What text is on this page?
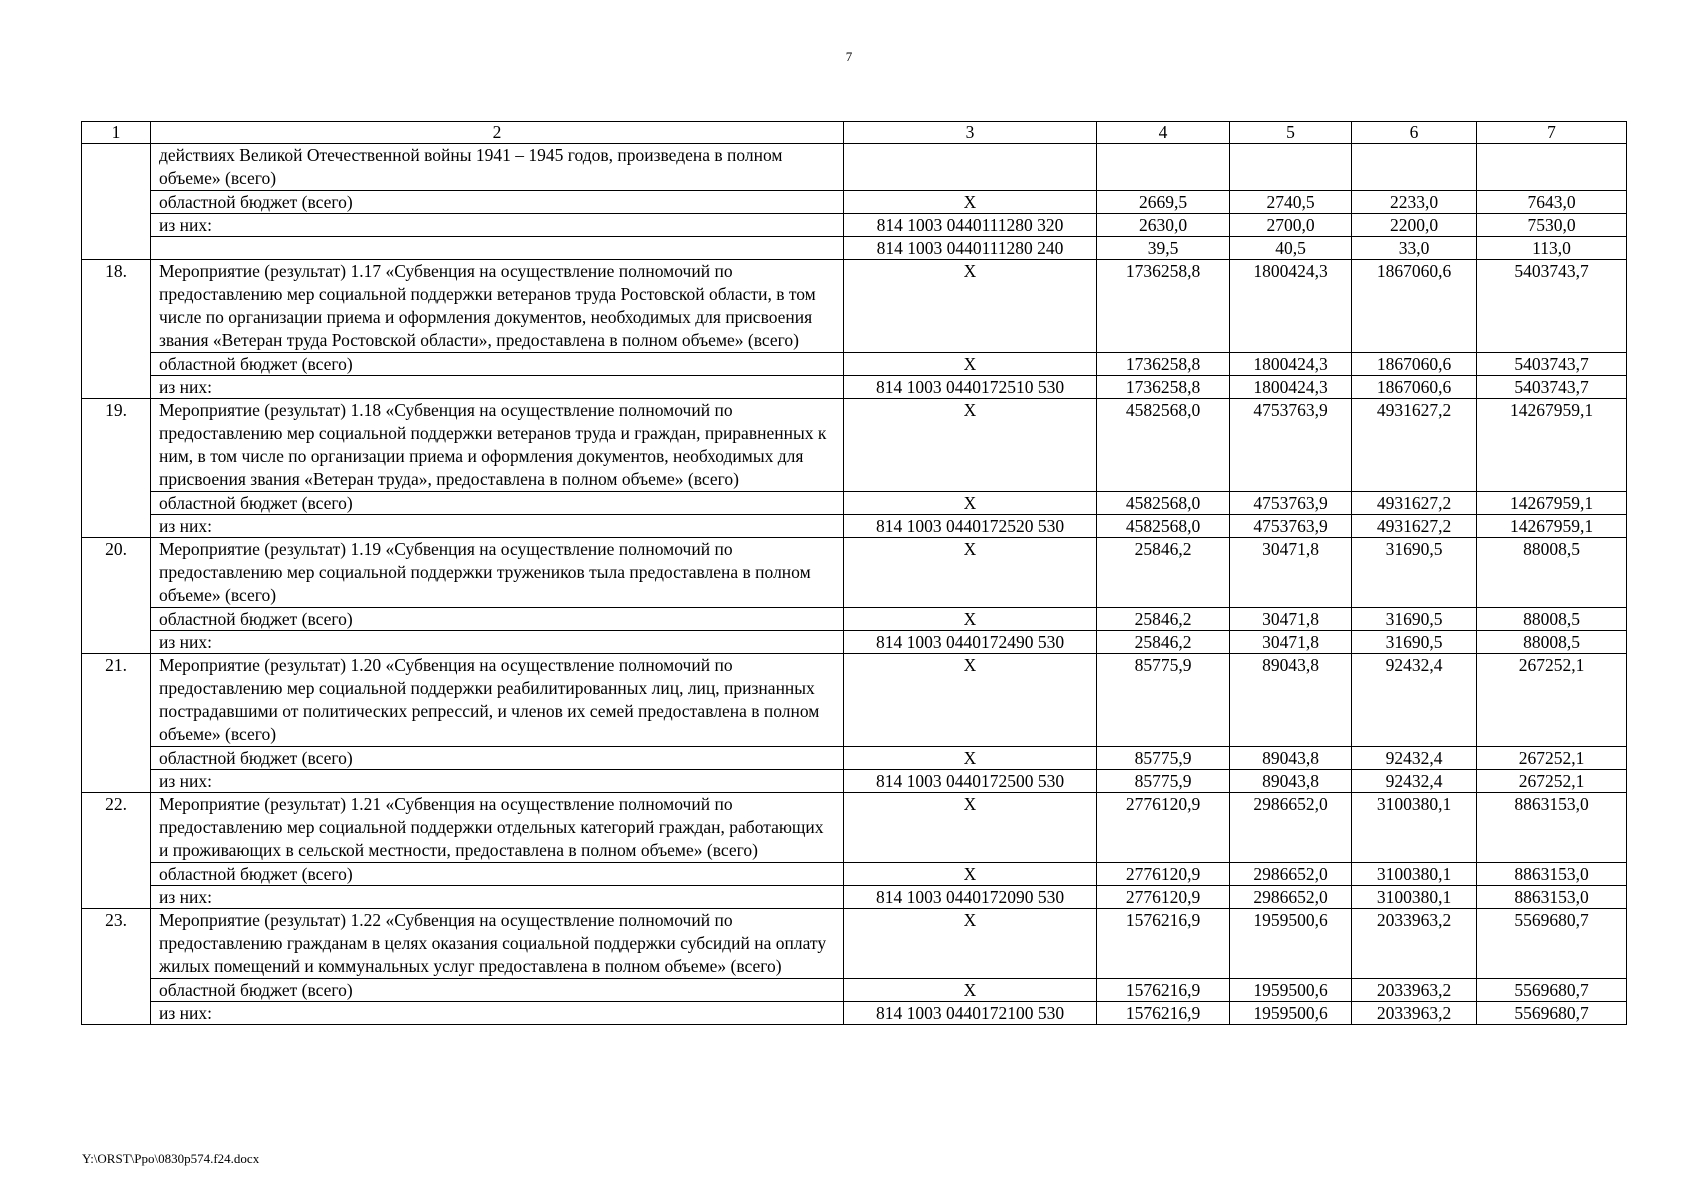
7
1	2	3	4	5	6	7
	действиях Великой Отечественной войны 1941 – 1945 годов, произведена в полном объеме» (всего)					
	областной бюджет (всего)	Х	2669,5	2740,5	2233,0	7643,0
	из них:	814 1003 0440111280 320	2630,0	2700,0	2200,0	7530,0
		814 1003 0440111280 240	39,5	40,5	33,0	113,0
18.	Мероприятие (результат) 1.17 «Субвенция на осуществление полномочий по предоставлению мер социальной поддержки ветеранов труда Ростовской области, в том числе по организации приема и оформления документов, необходимых для присвоения звания «Ветеран труда Ростовской области», предоставлена в полном объеме» (всего)	Х	1736258,8	1800424,3	1867060,6	5403743,7
	областной бюджет (всего)	Х	1736258,8	1800424,3	1867060,6	5403743,7
	из них:	814 1003 0440172510 530	1736258,8	1800424,3	1867060,6	5403743,7
19.	Мероприятие (результат) 1.18 «Субвенция на осуществление полномочий по предоставлению мер социальной поддержки ветеранов труда и граждан, приравненных к ним, в том числе по организации приема и оформления документов, необходимых для присвоения звания «Ветеран труда», предоставлена в полном объеме» (всего)	Х	4582568,0	4753763,9	4931627,2	14267959,1
	областной бюджет (всего)	Х	4582568,0	4753763,9	4931627,2	14267959,1
	из них:	814 1003 0440172520 530	4582568,0	4753763,9	4931627,2	14267959,1
20.	Мероприятие (результат) 1.19 «Субвенция на осуществление полномочий по предоставлению мер социальной поддержки тружеников тыла предоставлена в полном объеме» (всего)	Х	25846,2	30471,8	31690,5	88008,5
	областной бюджет (всего)	Х	25846,2	30471,8	31690,5	88008,5
	из них:	814 1003 0440172490 530	25846,2	30471,8	31690,5	88008,5
21.	Мероприятие (результат) 1.20 «Субвенция на осуществление полномочий по предоставлению мер социальной поддержки реабилитированных лиц, лиц, признанных пострадавшими от политических репрессий, и членов их семей предоставлена в полном объеме» (всего)	Х	85775,9	89043,8	92432,4	267252,1
	областной бюджет (всего)	Х	85775,9	89043,8	92432,4	267252,1
	из них:	814 1003 0440172500 530	85775,9	89043,8	92432,4	267252,1
22.	Мероприятие (результат) 1.21 «Субвенция на осуществление полномочий по предоставлению мер социальной поддержки отдельных категорий граждан, работающих и проживающих в сельской местности, предоставлена в полном объеме» (всего)	Х	2776120,9	2986652,0	3100380,1	8863153,0
	областной бюджет (всего)	Х	2776120,9	2986652,0	3100380,1	8863153,0
	из них:	814 1003 0440172090 530	2776120,9	2986652,0	3100380,1	8863153,0
23.	Мероприятие (результат) 1.22 «Субвенция на осуществление полномочий по предоставлению гражданам в целях оказания социальной поддержки субсидий на оплату жилых помещений и коммунальных услуг предоставлена в полном объеме» (всего)	Х	1576216,9	1959500,6	2033963,2	5569680,7
	областной бюджет (всего)	Х	1576216,9	1959500,6	2033963,2	5569680,7
	из них:	814 1003 0440172100 530	1576216,9	1959500,6	2033963,2	5569680,7
Y:\ORST\Ppo\0830p574.f24.docx
